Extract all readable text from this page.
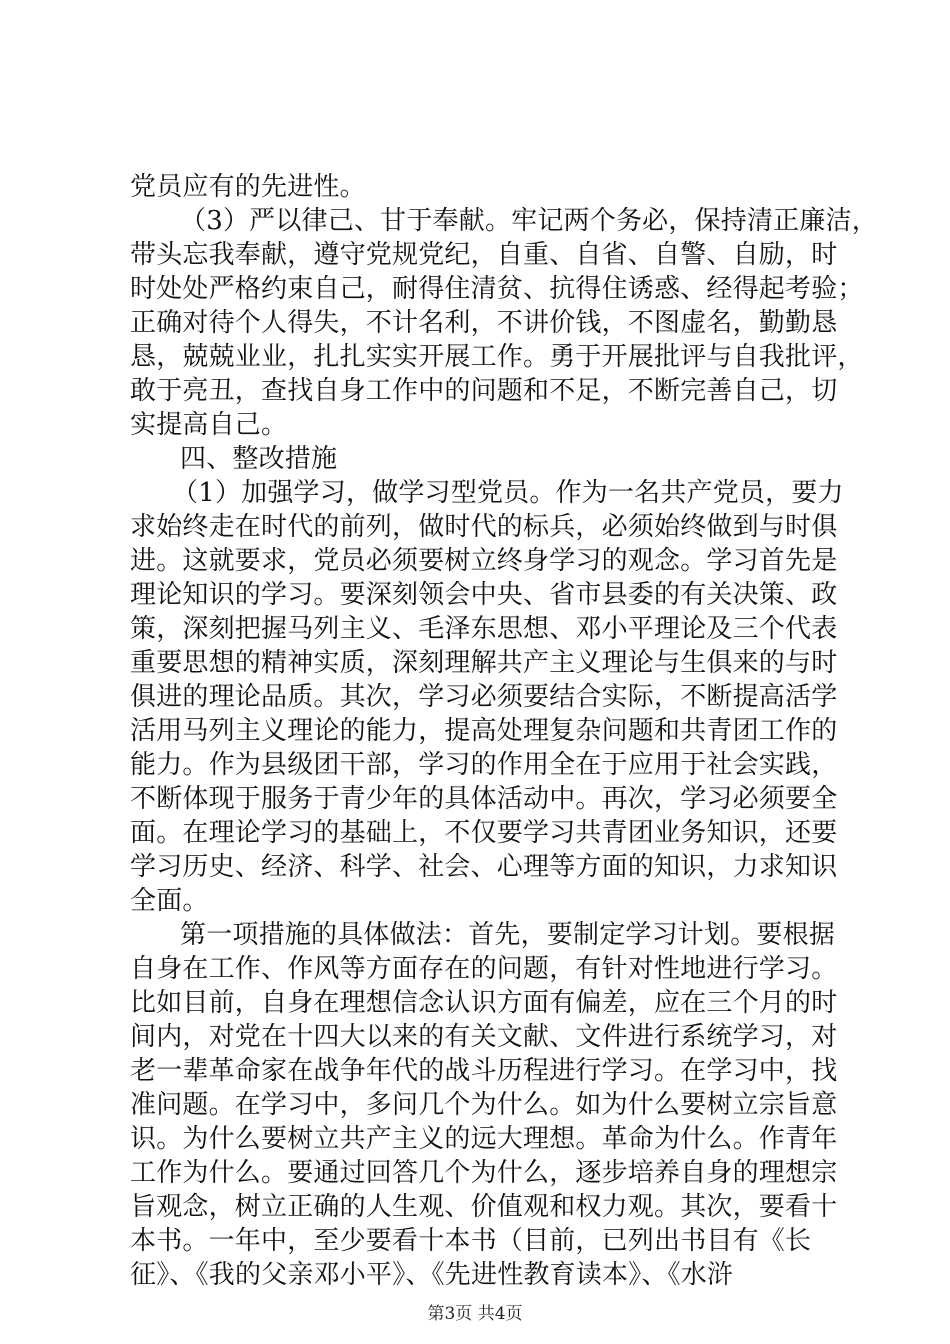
党员应有的先进性。
（3）严以律己、甘于奉献。牢记两个务必，保持清正廉洁，
带头忘我奉献，遵守党规党纪，自重、自省、自警、自励，时
时处处严格约束自己，耐得住清贫、抗得住诱惑、经得起考验；
正确对待个人得失，不计名利，不讲价钱，不图虚名，勤勤恳
恳，兢兢业业，扎扎实实开展工作。勇于开展批评与自我批评，
敢于亮丑，查找自身工作中的问题和不足，不断完善自己，切
实提高自己。
四、整改措施
（1）加强学习，做学习型党员。作为一名共产党员，要力
求始终走在时代的前列，做时代的标兵，必须始终做到与时俱
进。这就要求，党员必须要树立终身学习的观念。学习首先是
理论知识的学习。要深刻领会中央、省市县委的有关决策、政
策，深刻把握马列主义、毛泽东思想、邓小平理论及三个代表
重要思想的精神实质，深刻理解共产主义理论与生俱来的与时
俱进的理论品质。其次，学习必须要结合实际，不断提高活学
活用马列主义理论的能力，提高处理复杂问题和共青团工作的
能力。作为县级团干部，学习的作用全在于应用于社会实践，
不断体现于服务于青少年的具体活动中。再次，学习必须要全
面。在理论学习的基础上，不仅要学习共青团业务知识，还要
学习历史、经济、科学、社会、心理等方面的知识，力求知识
全面。
第一项措施的具体做法：首先，要制定学习计划。要根据
自身在工作、作风等方面存在的问题，有针对性地进行学习。
比如目前，自身在理想信念认识方面有偏差，应在三个月的时
间内，对党在十四大以来的有关文献、文件进行系统学习，对
老一辈革命家在战争年代的战斗历程进行学习。在学习中，找
准问题。在学习中，多问几个为什么。如为什么要树立宗旨意
识。为什么要树立共产主义的远大理想。革命为什么。作青年
工作为什么。要通过回答几个为什么，逐步培养自身的理想宗
旨观念，树立正确的人生观、价值观和权力观。其次，要看十
本书。一年中，至少要看十本书（目前，已列出书目有《长
征》、《我的父亲邓小平》、《先进性教育读本》、《水浒
第3页 共4页
